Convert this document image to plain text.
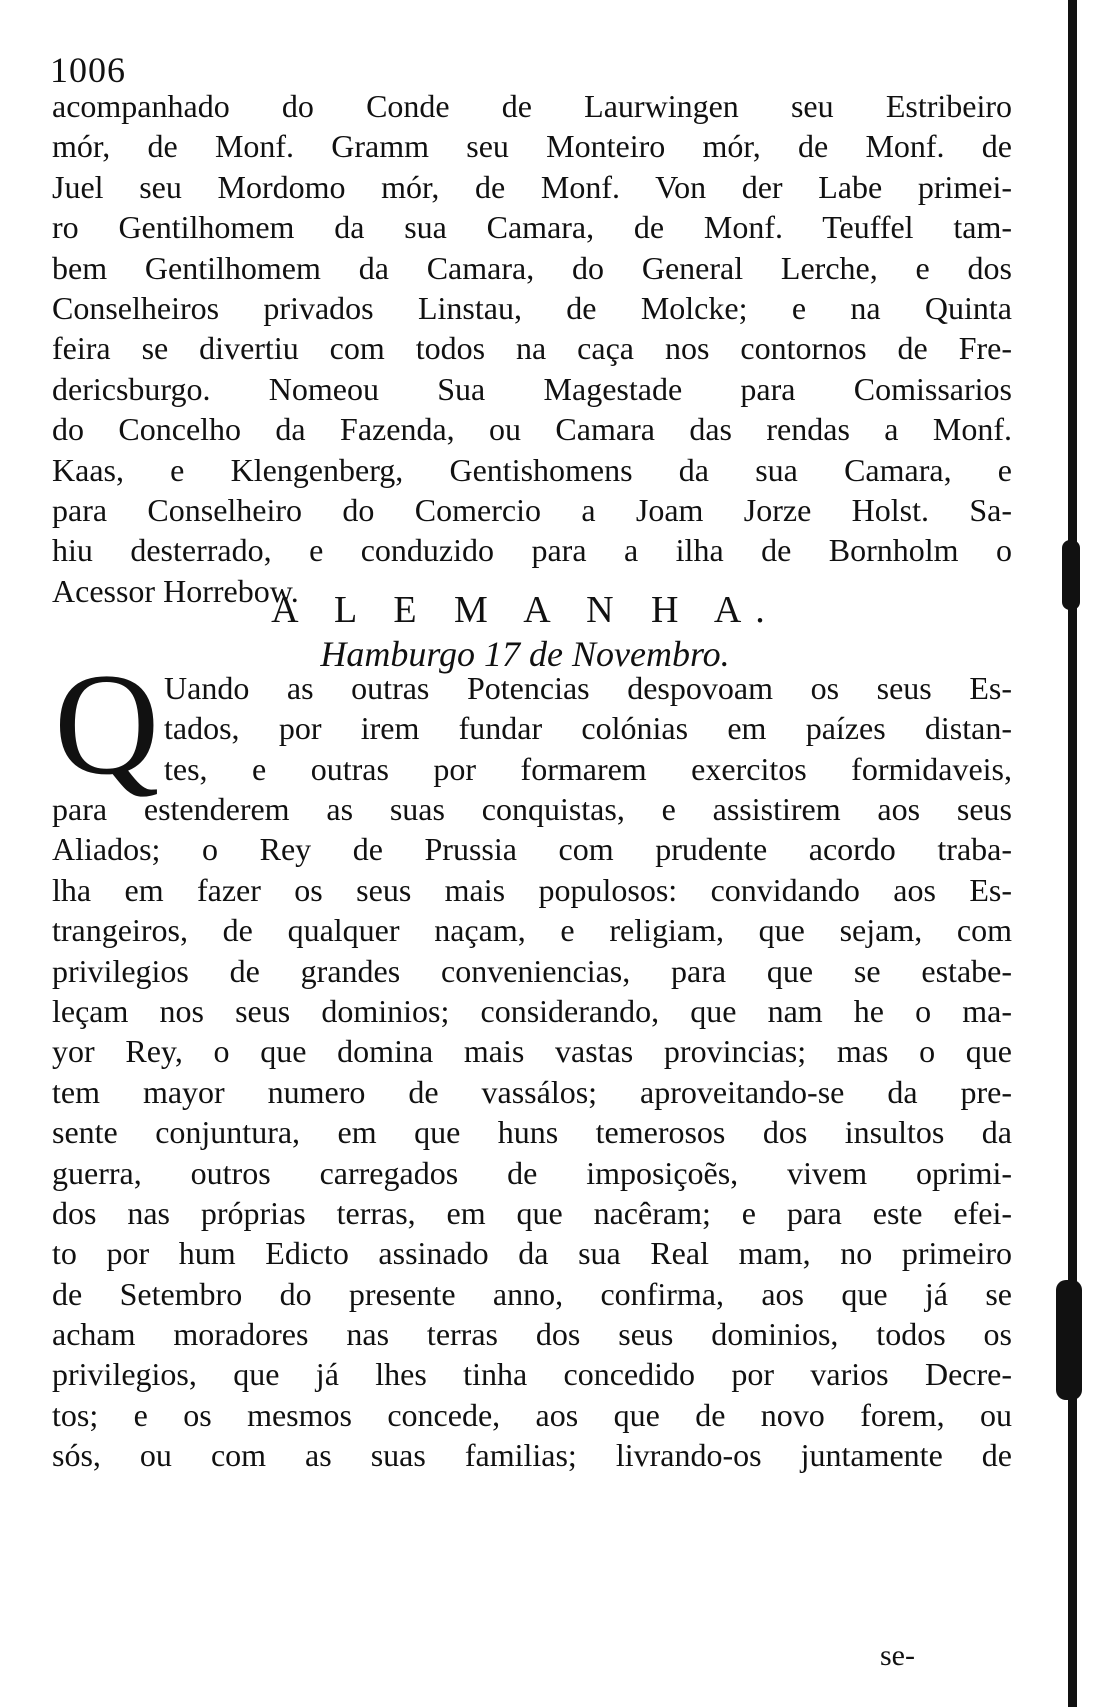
1006
acompanhado do Conde de Laurwingen seu Estribeiro
mór, de Monf. Gramm seu Monteiro mór, de Monf. de
Juel seu Mordomo mór, de Monf. Von der Labe primei-
ro Gentilhomem da sua Camara, de Monf. Teuffel tam-
bem Gentilhomem da Camara, do General Lerche, e dos
Conselheiros privados Linstau, de Molcke; e na Quinta
feira se divertiu com todos na caça nos contornos de Fre-
dericsburgo. Nomeou Sua Magestade para Comissarios
do Concelho da Fazenda, ou Camara das rendas a Monf.
Kaas, e Klengenberg, Gentishomens da sua Camara, e
para Conselheiro do Comercio a Joam Jorze Holst. Sa-
hiu desterrado, e conduzido para a ilha de Bornholm o
Acessor Horrebow.
A L E M A N H A.
Hamburgo 17 de Novembro.
Q Uando as outras Potencias despovoam os seus Es-
tados, por irem fundar colónias em paízes distan-
tes, e outras por formarem exercitos formidaveis,
para estenderem as suas conquistas, e assistirem aos seus
Aliados; o Rey de Prussia com prudente acordo traba-
lha em fazer os seus mais populosos: convidando aos Es-
trangeiros, de qualquer naçam, e religiam, que sejam, com
privilegios de grandes conveniencias, para que se estabe-
leçam nos seus dominios; considerando, que nam he o ma-
yor Rey, o que domina mais vastas provincias; mas o que
tem mayor numero de vassálos; aproveitando-se da pre-
sente conjuntura, em que huns temerosos dos insultos da
guerra, outros carregados de imposiçoẽs, vivem oprimi-
dos nas próprias terras, em que nacêram; e para este efei-
to por hum Edicto assinado da sua Real mam, no primeiro
de Setembro do presente anno, confirma, aos que já se
acham moradores nas terras dos seus dominios, todos os
privilegios, que já lhes tinha concedido por varios Decre-
tos; e os mesmos concede, aos que de novo forem, ou
sós, ou com as suas familias; livrando-os juntamente de
se-
